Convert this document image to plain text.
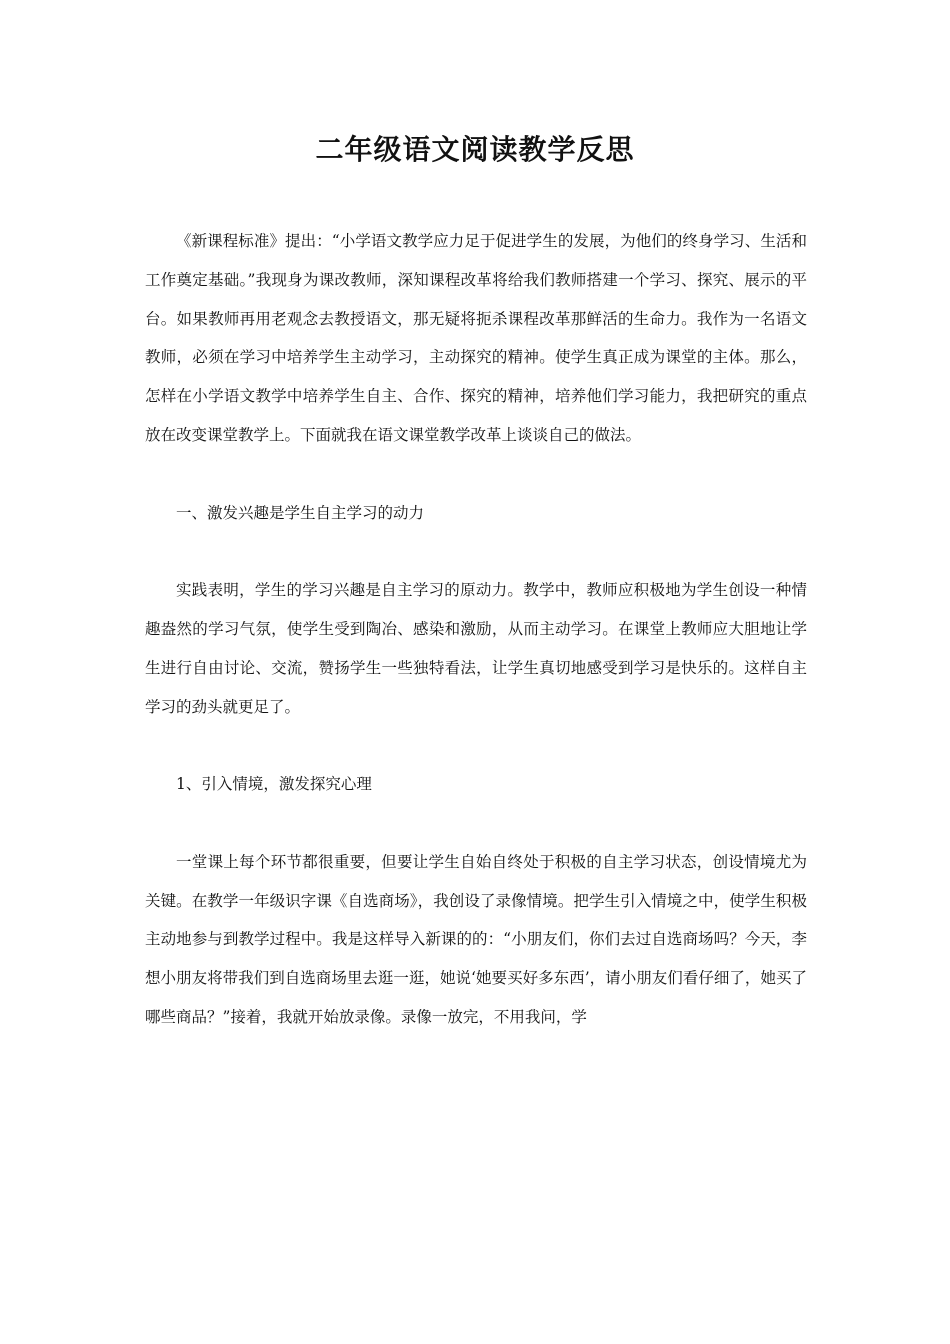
二年级语文阅读教学反思

《新课程标准》提出：“小学语文教学应力足于促进学生的发展，为他们的终身学习、生活和工作奠定基础。”我现身为课改教师，深知课程改革将给我们教师搭建一个学习、探究、展示的平台。如果教师再用老观念去教授语文，那无疑将扼杀课程改革那鲜活的生命力。我作为一名语文教师，必须在学习中培养学生主动学习，主动探究的精神。使学生真正成为课堂的主体。那么，怎样在小学语文教学中培养学生自主、合作、探究的精神，培养他们学习能力，我把研究的重点放在改变课堂教学上。下面就我在语文课堂教学改革上谈谈自己的做法。

一、激发兴趣是学生自主学习的动力

实践表明，学生的学习兴趣是自主学习的原动力。教学中，教师应积极地为学生创设一种情趣盎然的学习气氛，使学生受到陶冶、感染和激励，从而主动学习。在课堂上教师应大胆地让学生进行自由讨论、交流，赞扬学生一些独特看法，让学生真切地感受到学习是快乐的。这样自主学习的劲头就更足了。

1、引入情境，激发探究心理

一堂课上每个环节都很重要，但要让学生自始自终处于积极的自主学习状态，创设情境尤为关键。在教学一年级识字课《自选商场》，我创设了录像情境。把学生引入情境之中，使学生积极主动地参与到教学过程中。我是这样导入新课的的：“小朋友们，你们去过自选商场吗？今天，李想小朋友将带我们到自选商场里去逛一逛，她说‘她要买好多东西’，请小朋友们看仔细了，她买了哪些商品？”接着，我就开始放录像。录像一放完，不用我问，学
